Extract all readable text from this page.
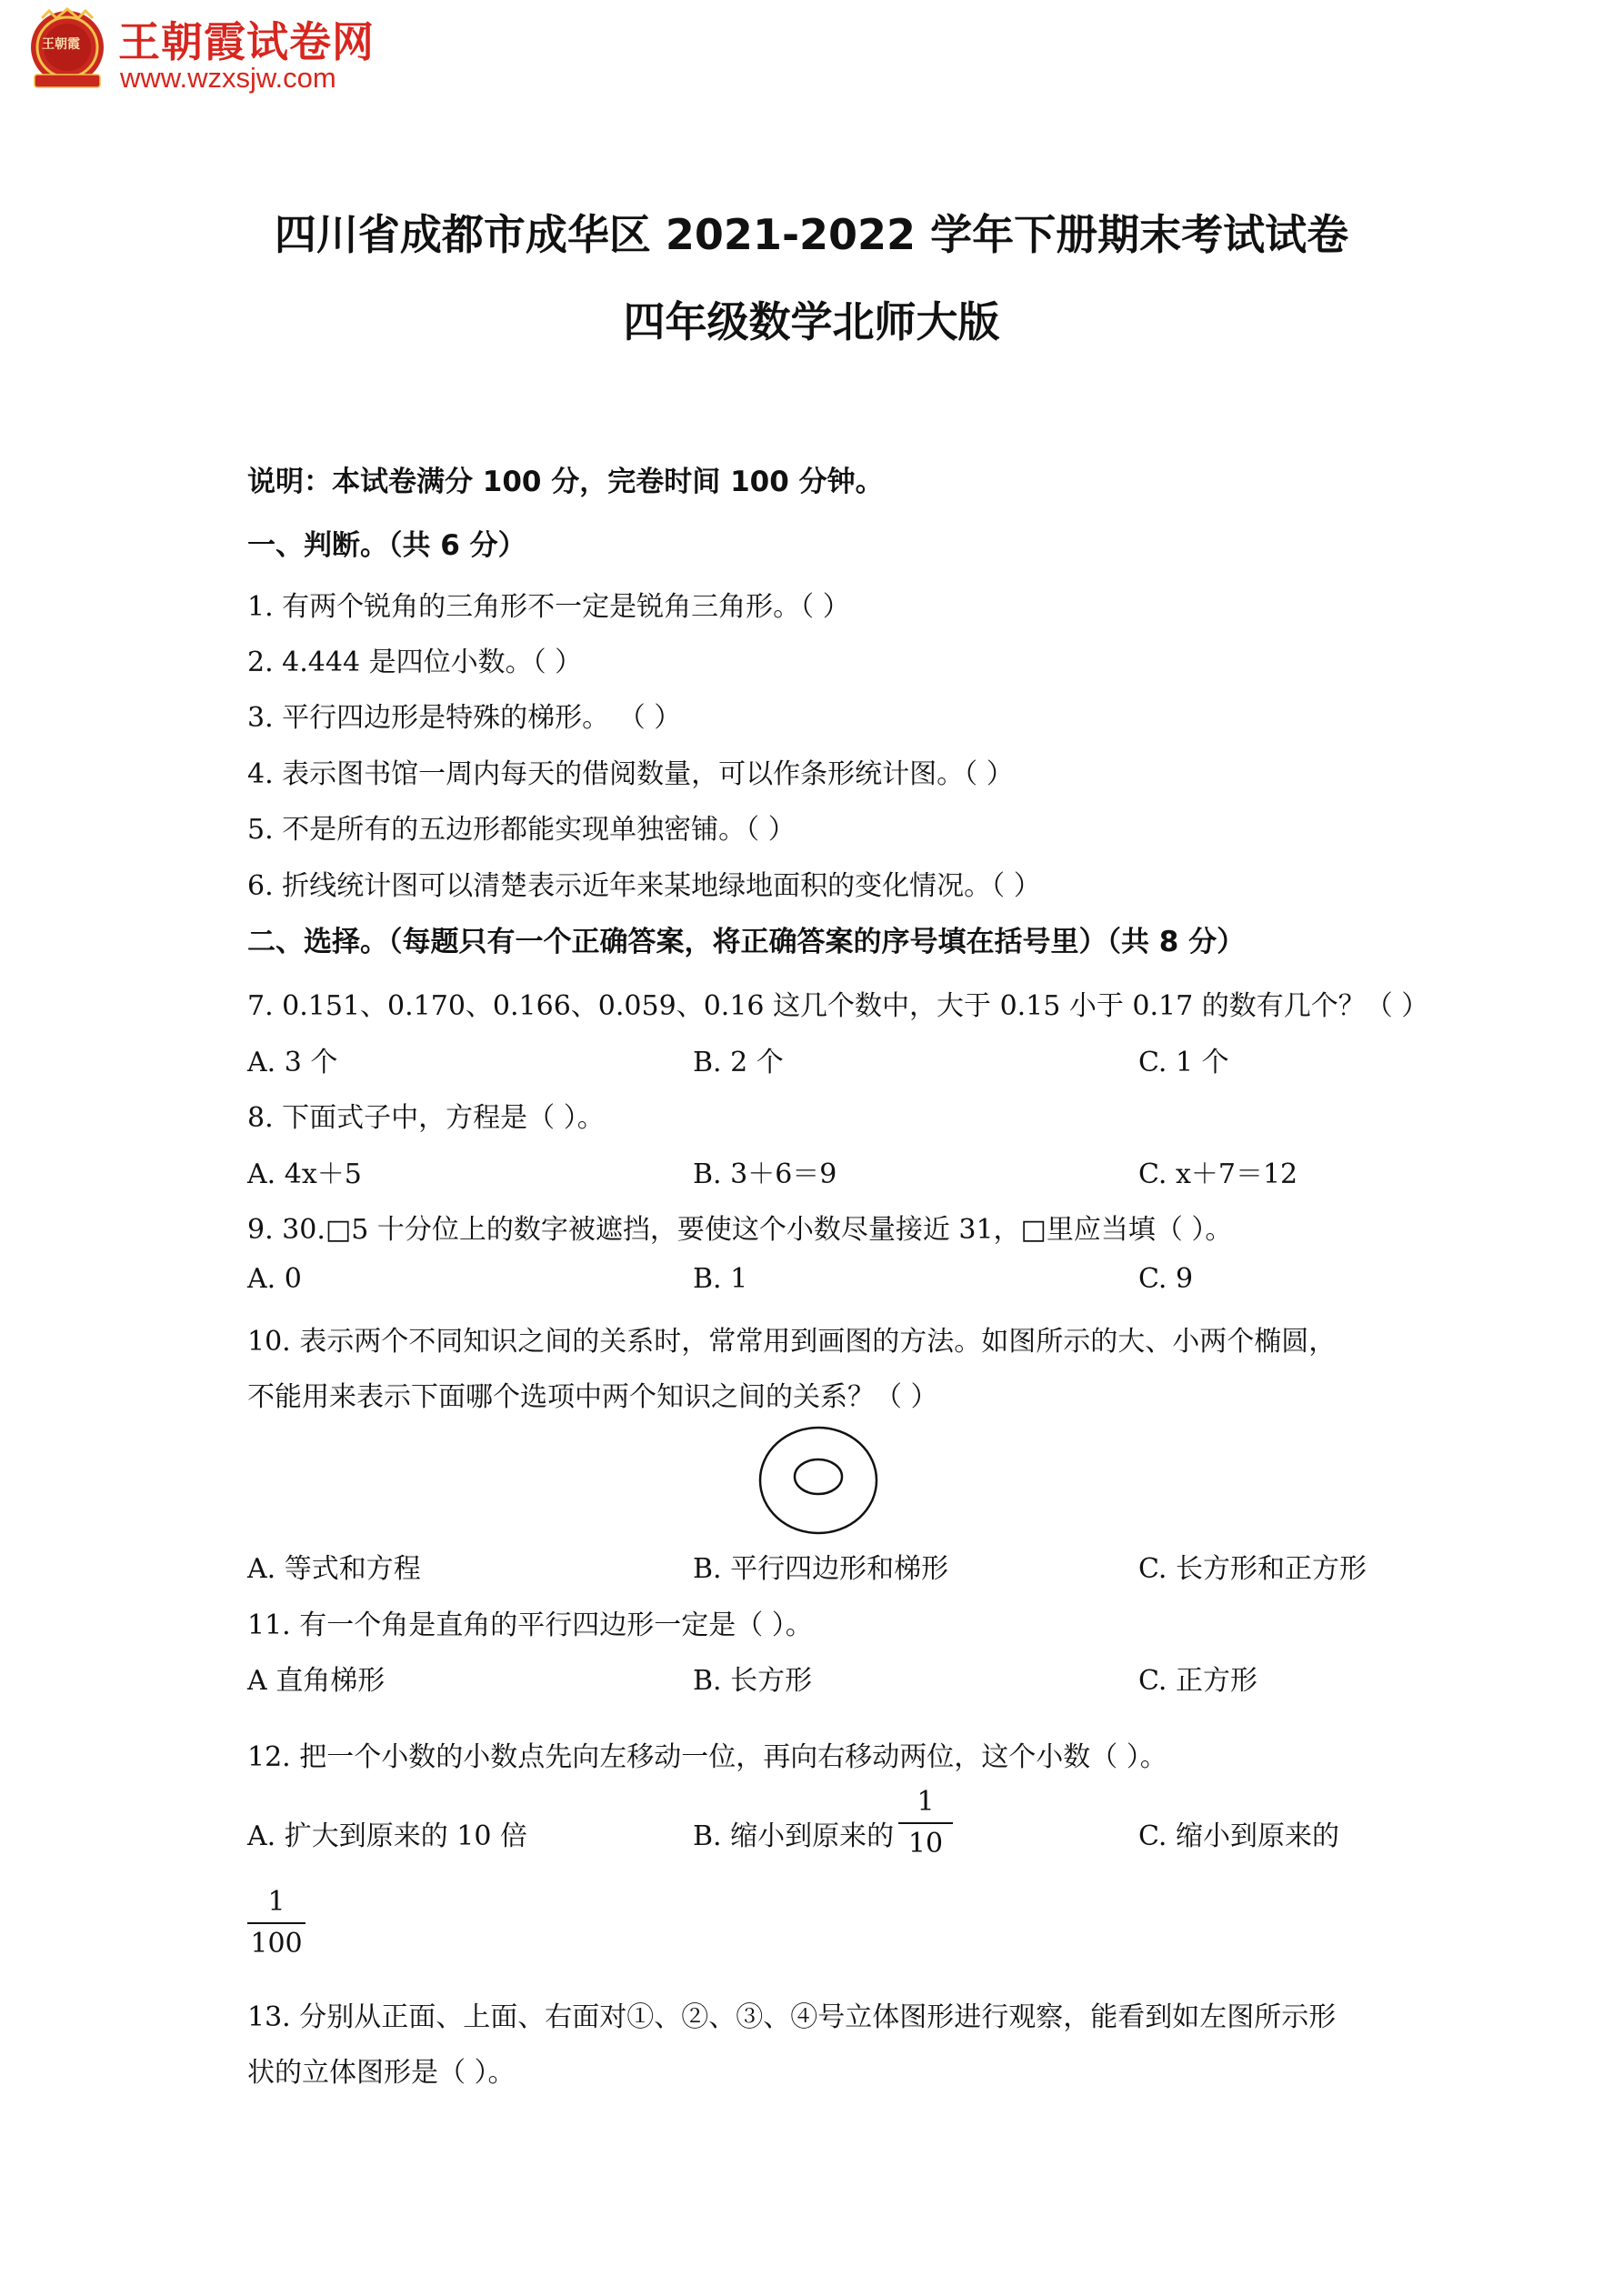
王朝霞 王朝霞试卷网
www.wzxsjw.com
四川省成都市成华区 2021-2022 学年下册期末考试试卷
四年级数学北师大版
说明：本试卷满分 100 分，完卷时间 100 分钟。
一、判断。（共 6 分）
1. 有两个锐角的三角形不一定是锐角三角形。（ ）
2. 4.444 是四位小数。（ ）
3. 平行四边形是特殊的梯形。 （ ）
4. 表示图书馆一周内每天的借阅数量，可以作条形统计图。（ ）
5. 不是所有的五边形都能实现单独密铺。（ ）
6. 折线统计图可以清楚表示近年来某地绿地面积的变化情况。（ ）
二、选择。（每题只有一个正确答案，将正确答案的序号填在括号里）（共 8 分）
7. 0.151、0.170、0.166、0.059、0.16 这几个数中，大于 0.15 小于 0.17 的数有几个？（ ）
A. 3 个	B. 2 个	C. 1 个
8. 下面式子中，方程是（ ）。
A. 4x＋5	B. 3＋6＝9	C. x＋7＝12
9. 30.□5 十分位上的数字被遮挡，要使这个小数尽量接近 31，□里应当填（ ）。
A. 0	B. 1	C. 9
10. 表示两个不同知识之间的关系时，常常用到画图的方法。如图所示的大、小两个椭圆，
不能用来表示下面哪个选项中两个知识之间的关系？（ ）
A. 等式和方程	B. 平行四边形和梯形	C. 长方形和正方形
11. 有一个角是直角的平行四边形一定是（ ）。
A 直角梯形	B. 长方形	C. 正方形
12. 把一个小数的小数点先向左移动一位，再向右移动两位，这个小数（ ）。
A. 扩大到原来的 10 倍	B. 缩小到原来的
1
10	C. 缩小到原来的
1
100
13. 分别从正面、上面、右面对①、②、③、④号立体图形进行观察，能看到如左图所示形
状的立体图形是（ ）。
